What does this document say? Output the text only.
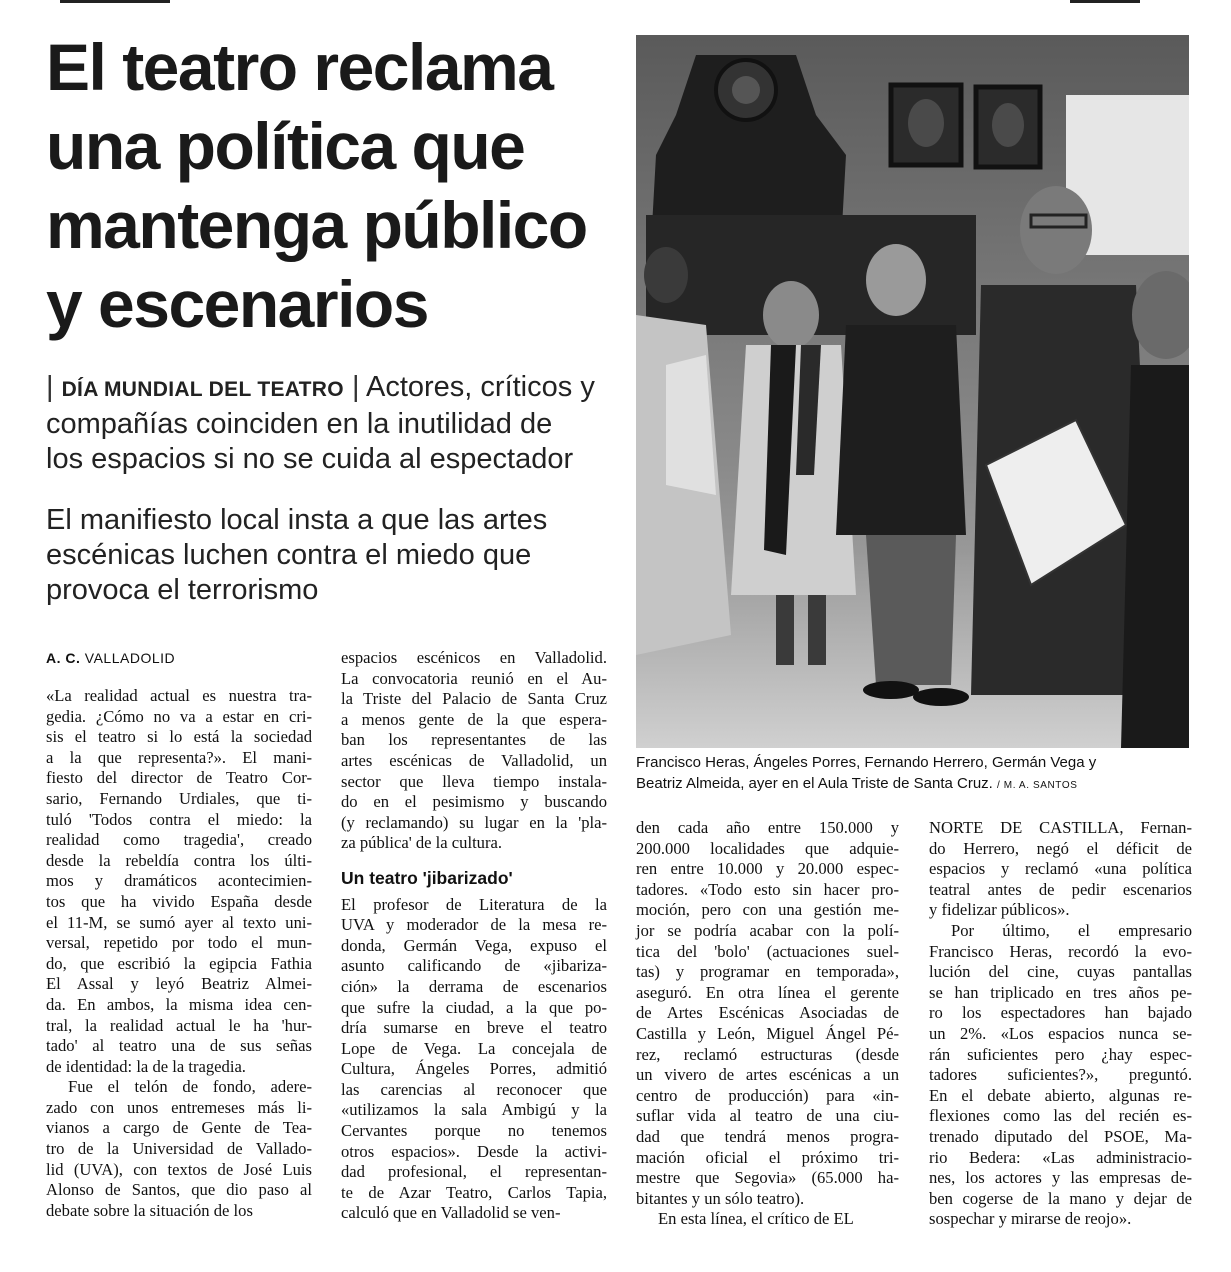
El teatro reclama
una política que
mantenga público
y escenarios
| DÍA MUNDIAL DEL TEATRO | Actores, críticos y
compañías coinciden en la inutilidad de
los espacios si no se cuida al espectador
El manifiesto local insta a que las artes
escénicas luchen contra el miedo que
provoca el terrorismo
A. C. VALLADOLID
«La realidad actual es nuestra tra-
gedia. ¿Cómo no va a estar en cri-
sis el teatro si lo está la sociedad
a la que representa?». El mani-
fiesto del director de Teatro Cor-
sario, Fernando Urdiales, que ti-
tuló 'Todos contra el miedo: la
realidad como tragedia', creado
desde la rebeldía contra los últi-
mos y dramáticos acontecimien-
tos que ha vivido España desde
el 11-M, se sumó ayer al texto uni-
versal, repetido por todo el mun-
do, que escribió la egipcia Fathia
El Assal y leyó Beatriz Almei-
da. En ambos, la misma idea cen-
tral, la realidad actual le ha 'hur-
tado' al teatro una de sus señas
de identidad: la de la tragedia.
Fue el telón de fondo, adere-
zado con unos entremeses más li-
vianos a cargo de Gente de Tea-
tro de la Universidad de Vallado-
lid (UVA), con textos de José Luis
Alonso de Santos, que dio paso al
debate sobre la situación de los
espacios escénicos en Valladolid.
La convocatoria reunió en el Au-
la Triste del Palacio de Santa Cruz
a menos gente de la que espera-
ban los representantes de las
artes escénicas de Valladolid, un
sector que lleva tiempo instala-
do en el pesimismo y buscando
(y reclamando) su lugar en la 'pla-
za pública' de la cultura.
Un teatro 'jibarizado'
El profesor de Literatura de la
UVA y moderador de la mesa re-
donda, Germán Vega, expuso el
asunto calificando de «jibariza-
ción» la derrama de escenarios
que sufre la ciudad, a la que po-
dría sumarse en breve el teatro
Lope de Vega. La concejala de
Cultura, Ángeles Porres, admitió
las carencias al reconocer que
«utilizamos la sala Ambigú y la
Cervantes porque no tenemos
otros espacios». Desde la activi-
dad profesional, el representan-
te de Azar Teatro, Carlos Tapia,
calculó que en Valladolid se ven-
den cada año entre 150.000 y
200.000 localidades que adquie-
ren entre 10.000 y 20.000 espec-
tadores. «Todo esto sin hacer pro-
moción, pero con una gestión me-
jor se podría acabar con la polí-
tica del 'bolo' (actuaciones suel-
tas) y programar en temporada»,
aseguró. En otra línea el gerente
de Artes Escénicas Asociadas de
Castilla y León, Miguel Ángel Pé-
rez, reclamó estructuras (desde
un vivero de artes escénicas a un
centro de producción) para «in-
suflar vida al teatro de una ciu-
dad que tendrá menos progra-
mación oficial el próximo tri-
mestre que Segovia» (65.000 ha-
bitantes y un sólo teatro).
En esta línea, el crítico de EL
NORTE DE CASTILLA, Fernan-
do Herrero, negó el déficit de
espacios y reclamó «una política
teatral antes de pedir escenarios
y fidelizar públicos».
Por último, el empresario
Francisco Heras, recordó la evo-
lución del cine, cuyas pantallas
se han triplicado en tres años pe-
ro los espectadores han bajado
un 2%. «Los espacios nunca se-
rán suficientes pero ¿hay espec-
tadores suficientes?», preguntó.
En el debate abierto, algunas re-
flexiones como las del recién es-
trenado diputado del PSOE, Ma-
rio Bedera: «Las administracio-
nes, los actores y las empresas de-
ben cogerse de la mano y dejar de
sospechar y mirarse de reojo».
Francisco Heras, Ángeles Porres, Fernando Herrero, Germán Vega y
Beatriz Almeida, ayer en el Aula Triste de Santa Cruz. / M. A. SANTOS
